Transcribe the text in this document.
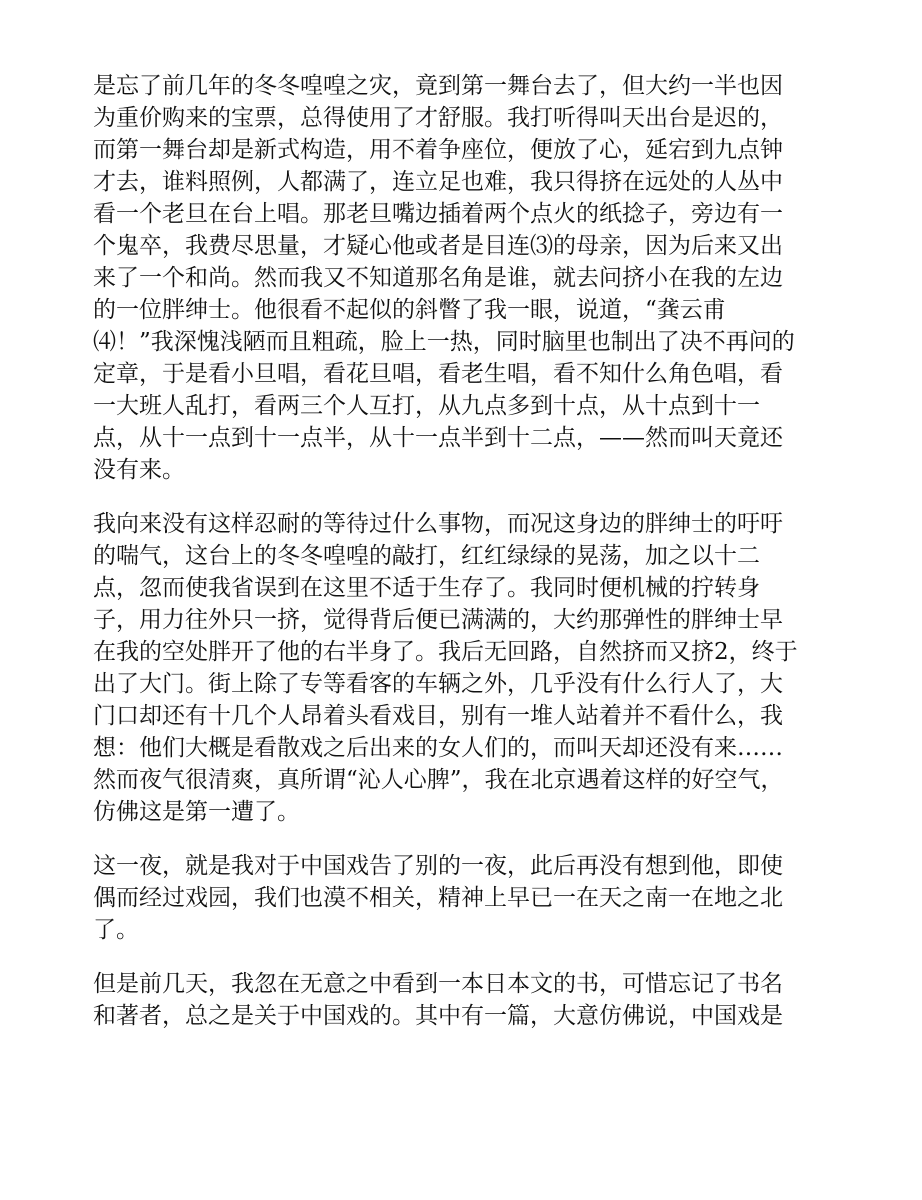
是忘了前几年的冬冬喤喤之灾，竟到第一舞台去了，但大约一半也因
为重价购来的宝票，总得使用了才舒服。我打听得叫天出台是迟的，
而第一舞台却是新式构造，用不着争座位，便放了心，延宕到九点钟
才去，谁料照例，人都满了，连立足也难，我只得挤在远处的人丛中
看一个老旦在台上唱。那老旦嘴边插着两个点火的纸捻子，旁边有一
个鬼卒，我费尽思量，才疑心他或者是目连⑶的母亲，因为后来又出
来了一个和尚。然而我又不知道那名角是谁，就去问挤小在我的左边
的一位胖绅士。他很看不起似的斜瞥了我一眼，说道，“龚云甫
⑷！”我深愧浅陋而且粗疏，脸上一热，同时脑里也制出了决不再问的
定章，于是看小旦唱，看花旦唱，看老生唱，看不知什么角色唱，看
一大班人乱打，看两三个人互打，从九点多到十点，从十点到十一
点，从十一点到十一点半，从十一点半到十二点，——然而叫天竟还
没有来。
我向来没有这样忍耐的等待过什么事物，而况这身边的胖绅士的吁吁
的喘气，这台上的冬冬喤喤的敲打，红红绿绿的晃荡，加之以十二
点，忽而使我省误到在这里不适于生存了。我同时便机械的拧转身
子，用力往外只一挤，觉得背后便已满满的，大约那弹性的胖绅士早
在我的空处胖开了他的右半身了。我后无回路，自然挤而又挤2，终于
出了大门。街上除了专等看客的车辆之外，几乎没有什么行人了，大
门口却还有十几个人昂着头看戏目，别有一堆人站着并不看什么，我
想：他们大概是看散戏之后出来的女人们的，而叫天却还没有来……
然而夜气很清爽，真所谓“沁人心脾”，我在北京遇着这样的好空气，
仿佛这是第一遭了。
这一夜，就是我对于中国戏告了别的一夜，此后再没有想到他，即使
偶而经过戏园，我们也漠不相关，精神上早已一在天之南一在地之北
了。
但是前几天，我忽在无意之中看到一本日本文的书，可惜忘记了书名
和著者，总之是关于中国戏的。其中有一篇，大意仿佛说，中国戏是
